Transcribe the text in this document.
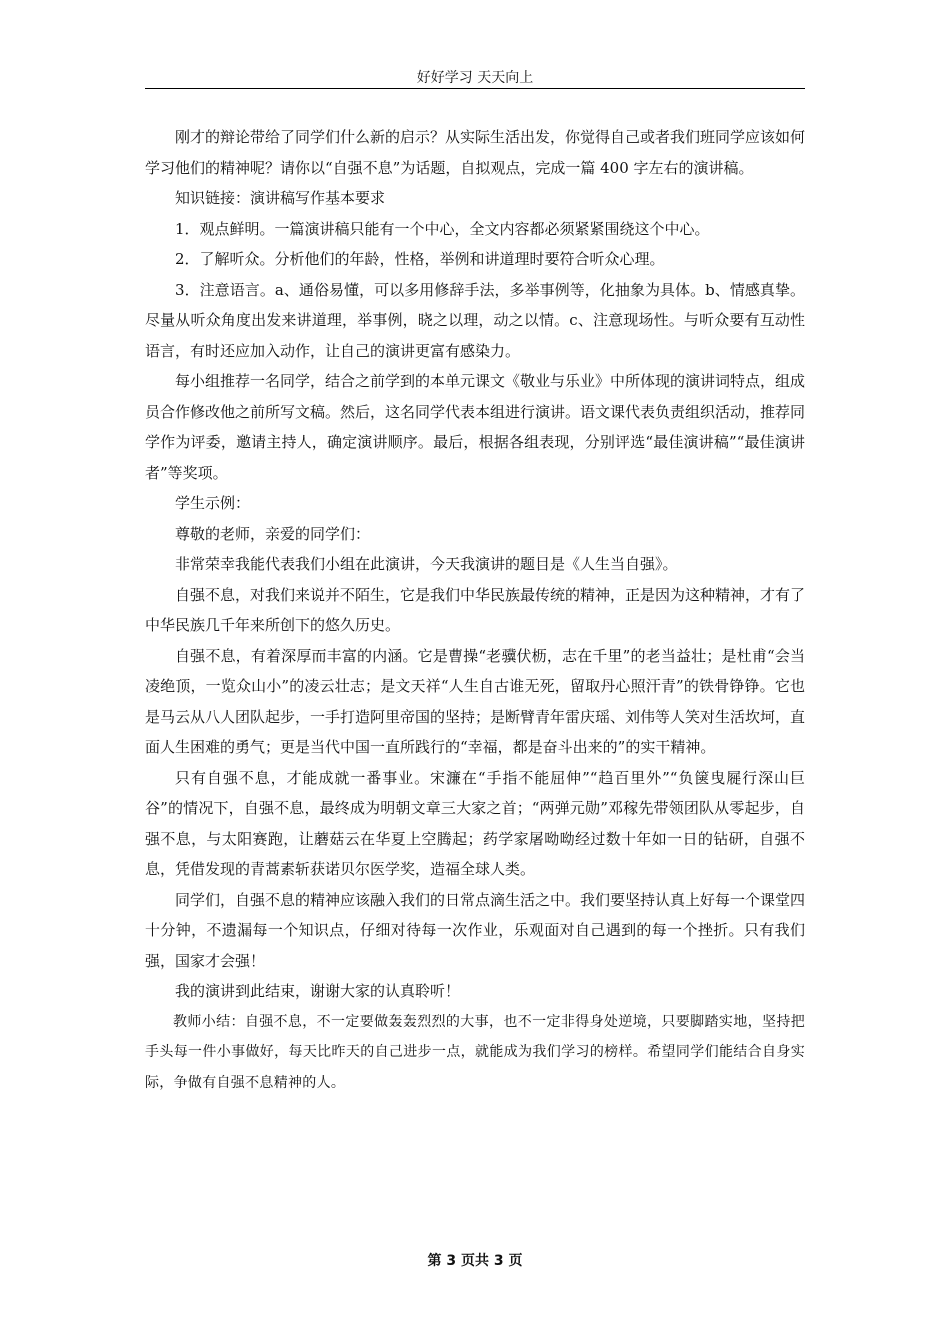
好好学习 天天向上

刚才的辩论带给了同学们什么新的启示？从实际生活出发，你觉得自己或者我们班同学应该如何学习他们的精神呢？请你以“自强不息”为话题，自拟观点，完成一篇 400 字左右的演讲稿。

知识链接：演讲稿写作基本要求

1．观点鲜明。一篇演讲稿只能有一个中心，全文内容都必须紧紧围绕这个中心。

2．了解听众。分析他们的年龄，性格，举例和讲道理时要符合听众心理。

3．注意语言。a、通俗易懂，可以多用修辞手法，多举事例等，化抽象为具体。b、情感真挚。尽量从听众角度出发来讲道理，举事例，晓之以理，动之以情。c、注意现场性。与听众要有互动性语言，有时还应加入动作，让自己的演讲更富有感染力。

每小组推荐一名同学，结合之前学到的本单元课文《敬业与乐业》中所体现的演讲词特点，组成员合作修改他之前所写文稿。然后，这名同学代表本组进行演讲。语文课代表负责组织活动，推荐同学作为评委，邀请主持人，确定演讲顺序。最后，根据各组表现，分别评选“最佳演讲稿”“最佳演讲者”等奖项。

学生示例：

尊敬的老师，亲爱的同学们：

非常荣幸我能代表我们小组在此演讲，今天我演讲的题目是《人生当自强》。

自强不息，对我们来说并不陌生，它是我们中华民族最传统的精神，正是因为这种精神，才有了中华民族几千年来所创下的悠久历史。

自强不息，有着深厚而丰富的内涵。它是曹操“老骥伏枥，志在千里”的老当益壮；是杜甫“会当凌绝顶，一览众山小”的凌云壮志；是文天祥“人生自古谁无死，留取丹心照汗青”的铁骨铮铮。它也是马云从八人团队起步，一手打造阿里帝国的坚持；是断臂青年雷庆瑶、刘伟等人笑对生活坎坷，直面人生困难的勇气；更是当代中国一直所践行的“幸福，都是奋斗出来的”的实干精神。

只有自强不息，才能成就一番事业。宋濂在“手指不能屈伸”“趋百里外”“负箧曳屣行深山巨谷”的情况下，自强不息，最终成为明朝文章三大家之首；“两弹元勋”邓稼先带领团队从零起步，自强不息，与太阳赛跑，让蘑菇云在华夏上空腾起；药学家屠呦呦经过数十年如一日的钻研，自强不息，凭借发现的青蒿素斩获诺贝尔医学奖，造福全球人类。

同学们，自强不息的精神应该融入我们的日常点滴生活之中。我们要坚持认真上好每一个课堂四十分钟，不遗漏每一个知识点，仔细对待每一次作业，乐观面对自己遇到的每一个挫折。只有我们强，国家才会强！

我的演讲到此结束，谢谢大家的认真聆听！

教师小结：自强不息，不一定要做轰轰烈烈的大事，也不一定非得身处逆境，只要脚踏实地，坚持把手头每一件小事做好，每天比昨天的自己进步一点，就能成为我们学习的榜样。希望同学们能结合自身实际，争做有自强不息精神的人。

第 3 页共 3 页
